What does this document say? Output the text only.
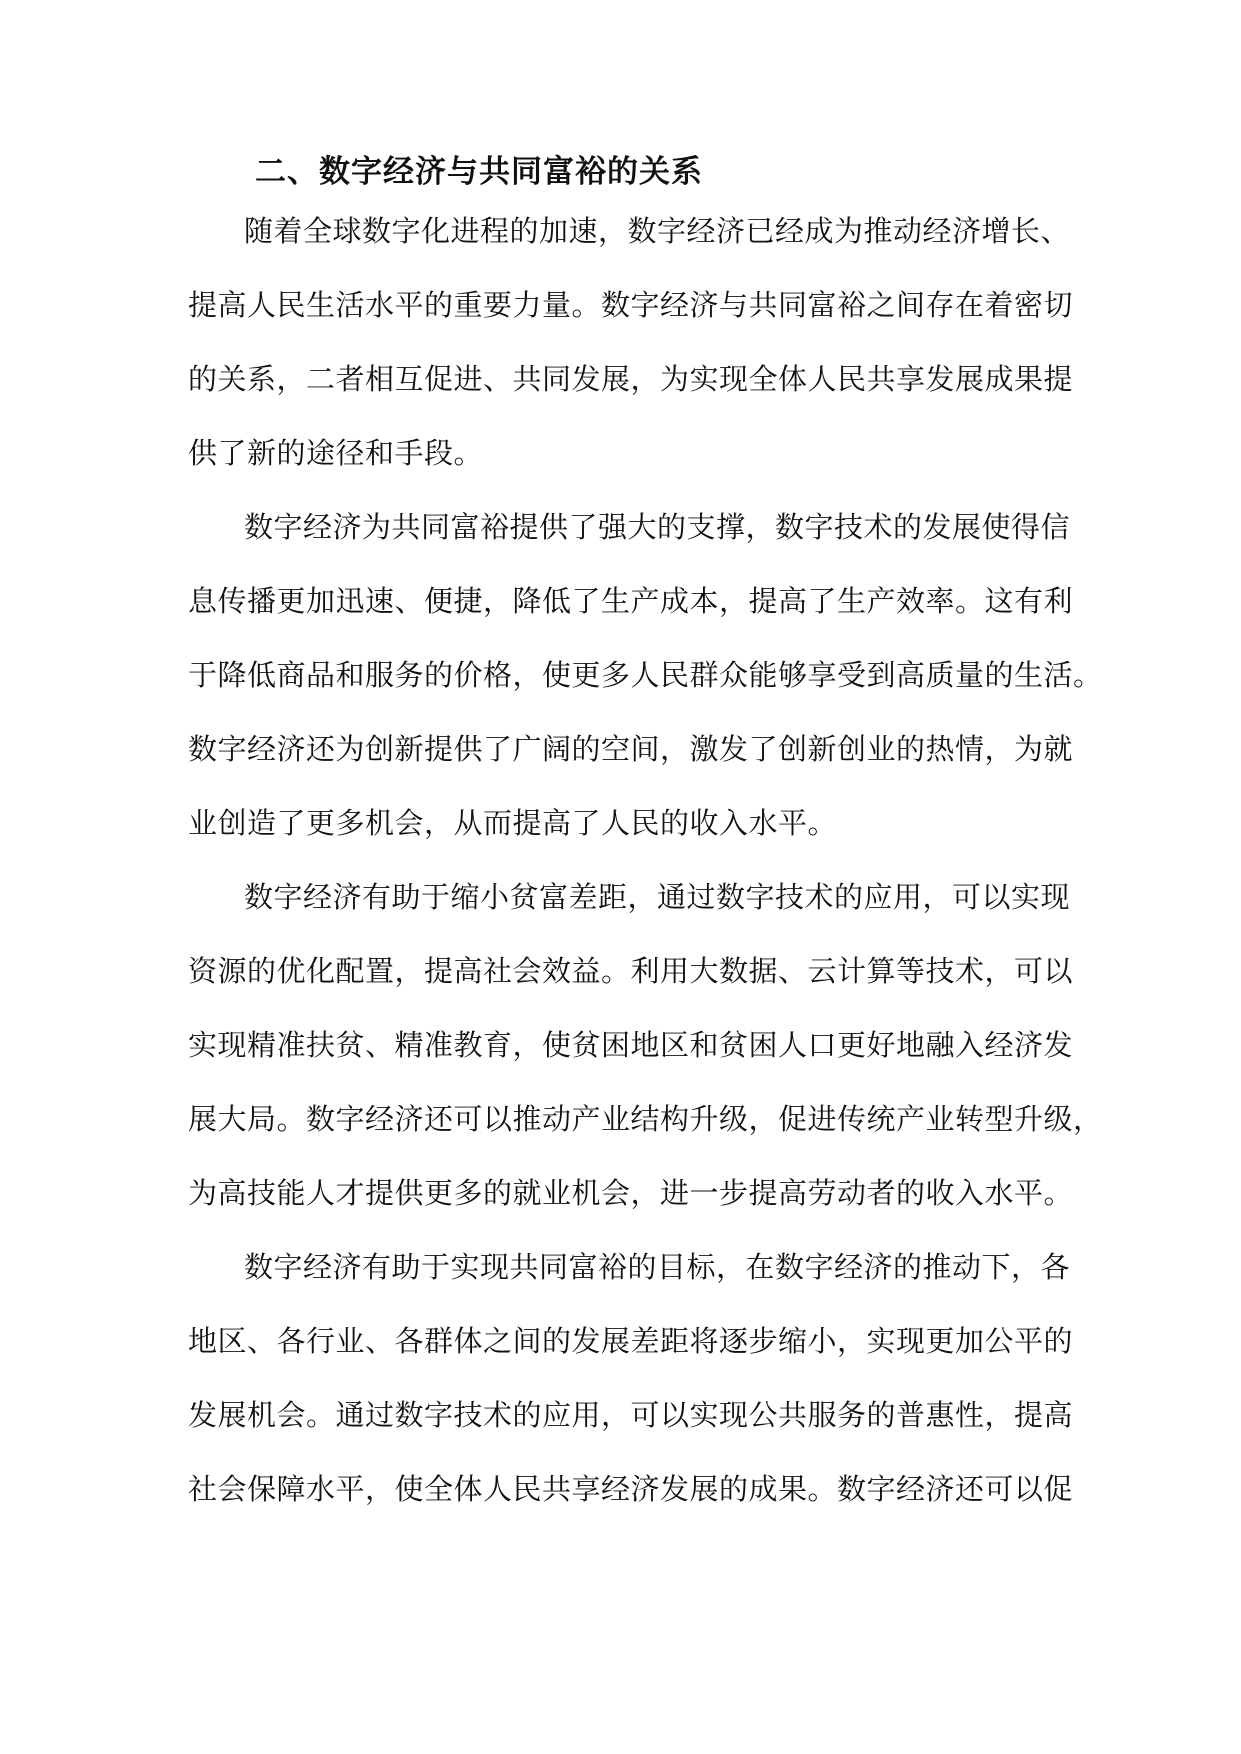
二、数字经济与共同富裕的关系
随着全球数字化进程的加速，数字经济已经成为推动经济增长、
提高人民生活水平的重要力量。数字经济与共同富裕之间存在着密切
的关系，二者相互促进、共同发展，为实现全体人民共享发展成果提
供了新的途径和手段。
数字经济为共同富裕提供了强大的支撑，数字技术的发展使得信
息传播更加迅速、便捷，降低了生产成本，提高了生产效率。这有利
于降低商品和服务的价格，使更多人民群众能够享受到高质量的生活。
数字经济还为创新提供了广阔的空间，激发了创新创业的热情，为就
业创造了更多机会，从而提高了人民的收入水平。
数字经济有助于缩小贫富差距，通过数字技术的应用，可以实现
资源的优化配置，提高社会效益。利用大数据、云计算等技术，可以
实现精准扶贫、精准教育，使贫困地区和贫困人口更好地融入经济发
展大局。数字经济还可以推动产业结构升级，促进传统产业转型升级，
为高技能人才提供更多的就业机会，进一步提高劳动者的收入水平。
数字经济有助于实现共同富裕的目标，在数字经济的推动下，各
地区、各行业、各群体之间的发展差距将逐步缩小，实现更加公平的
发展机会。通过数字技术的应用，可以实现公共服务的普惠性，提高
社会保障水平，使全体人民共享经济发展的成果。数字经济还可以促
